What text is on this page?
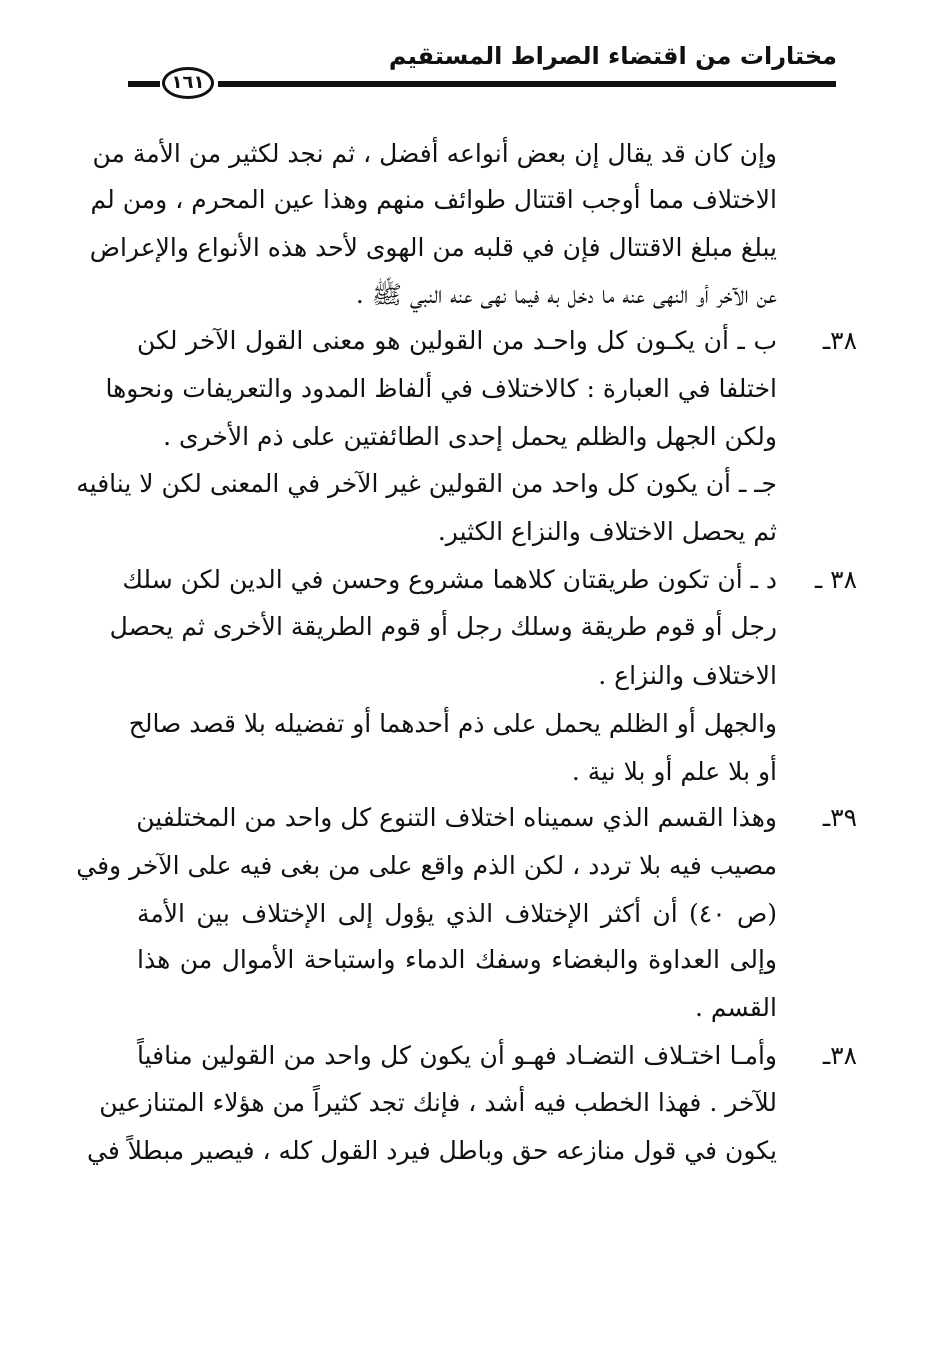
مختارات من اقتضاء الصراط المستقيم
١٦١
وإن كان قد يقال إن بعض أنواعه أفضل ، ثم نجد لكثير من الأمة من
الاختلاف مما أوجب اقتتال طوائف منهم وهذا عين المحرم ، ومن لم
يبلغ مبلغ الاقتتال فإن في قلبه من الهوى لأحد هذه الأنواع والإعراض
عن الآخر أو النهى عنه ما دخل به فيما نهى عنه النبي ﷺ .
٣٨ـ
ب ـ أن يكـون كل واحـد من القولين هو معنى القول الآخر لكن
اختلفا في العبارة : كالاختلاف في ألفاظ المدود والتعريفات ونحوها
ولكن الجهل والظلم يحمل إحدى الطائفتين على ذم الأخرى .
جـ ـ أن يكون كل واحد من القولين غير الآخر في المعنى لكن لا ينافيه
ثم يحصل الاختلاف والنزاع الكثير.
٣٨ ـ
د ـ أن تكون طريقتان كلاهما مشروع وحسن في الدين لكن سلك
رجل أو قوم طريقة وسلك رجل أو قوم الطريقة الأخرى ثم يحصل
الاختلاف والنزاع .
والجهل أو الظلم يحمل على ذم أحدهما أو تفضيله بلا قصد صالح
أو بلا علم أو بلا نية .
٣٩ـ
وهذا القسم الذي سميناه اختلاف التنوع كل واحد من المختلفين
مصيب فيه بلا تردد ، لكن الذم واقع على من بغى فيه على الآخر وفي
(ص ٤٠) أن أكثر الإختلاف الذي يؤول إلى الإختلاف بين الأمة
وإلى العداوة والبغضاء وسفك الدماء واستباحة الأموال من هذا
القسم .
٣٨ـ
وأمـا اختـلاف التضـاد فهـو أن يكون كل واحد من القولين منافياً
للآخر . فهذا الخطب فيه أشد ، فإنك تجد كثيراً من هؤلاء المتنازعين
يكون في قول منازعه حق وباطل فيرد القول كله ، فيصير مبطلاً في
